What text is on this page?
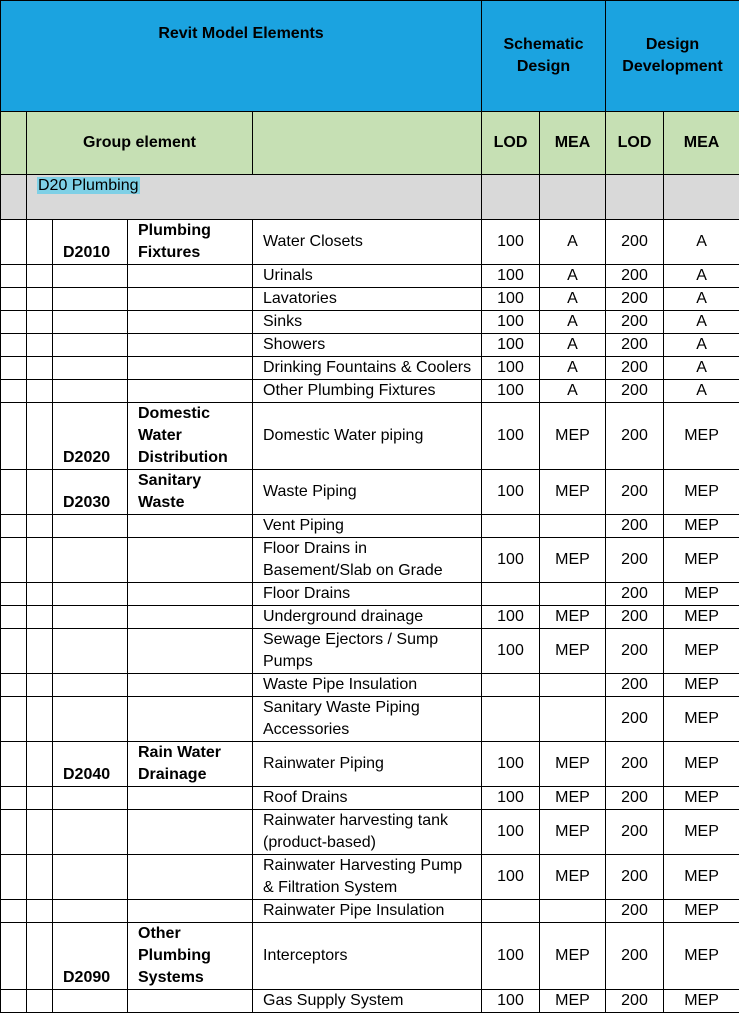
Revit Model Elements					Schematic Design		Design Development	
	Group element				LOD	MEA	LOD	MEA
	D20 Plumbing							
		D2010	Plumbing Fixtures	Water Closets	100	A	200	A
				Urinals	100	A	200	A
				Lavatories	100	A	200	A
				Sinks	100	A	200	A
				Showers	100	A	200	A
				Drinking Fountains & Coolers	100	A	200	A
				Other Plumbing Fixtures	100	A	200	A
		D2020	Domestic Water Distribution	Domestic Water piping	100	MEP	200	MEP
		D2030	Sanitary Waste	Waste Piping	100	MEP	200	MEP
				Vent Piping			200	MEP
				Floor Drains in Basement/Slab on Grade	100	MEP	200	MEP
				Floor Drains			200	MEP
				Underground drainage	100	MEP	200	MEP
				Sewage Ejectors / Sump Pumps	100	MEP	200	MEP
				Waste Pipe Insulation			200	MEP
				Sanitary Waste Piping Accessories			200	MEP
		D2040	Rain Water Drainage	Rainwater Piping	100	MEP	200	MEP
				Roof Drains	100	MEP	200	MEP
				Rainwater harvesting tank (product-based)	100	MEP	200	MEP
				Rainwater Harvesting Pump & Filtration System	100	MEP	200	MEP
				Rainwater Pipe Insulation			200	MEP
		D2090	Other Plumbing Systems	Interceptors	100	MEP	200	MEP
				Gas Supply System	100	MEP	200	MEP
